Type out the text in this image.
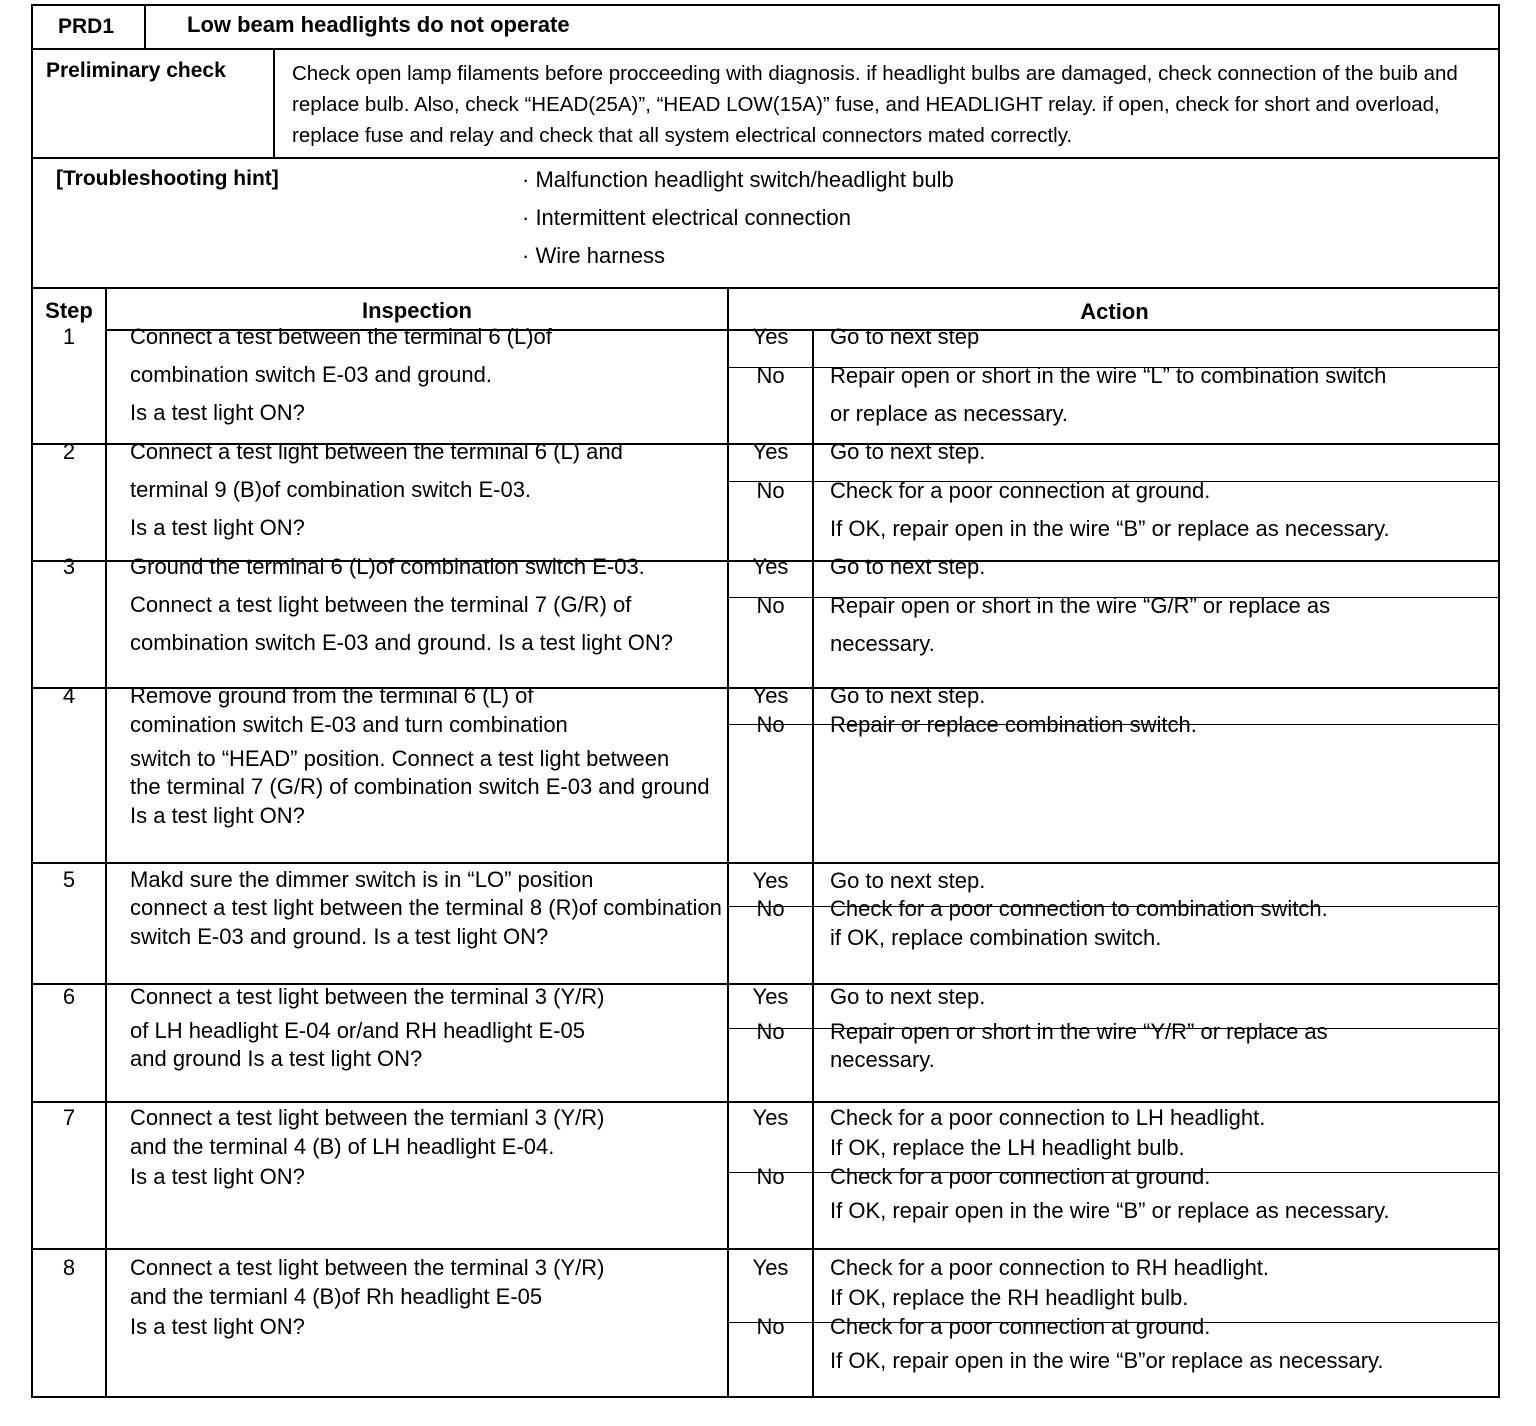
PRD1	Low beam headlights do not operate
Preliminary check	Check open lamp filaments before procceeding with diagnosis. if headlight bulbs are damaged, check connection of the buib and replace bulb. Also, check “HEAD(25A)”, “HEAD LOW(15A)” fuse, and HEADLIGHT relay. if open, check for short and overload, replace fuse and relay and check that all system electrical connectors mated correctly.
[Troubleshooting hint]	· Malfunction headlight switch/headlight bulb
· Intermittent electrical connection
· Wire harness
Step	Inspection	Action
1	Connect a test between the terminal 6 (L)of
combination switch E-03 and ground.
Is a test light ON?
Yes	Go to next step
No	Repair open or short in the wire “L” to combination switch
or replace as necessary.
2	Connect a test light between the terminal 6 (L) and
terminal 9 (B)of combination switch E-03.
Is a test light ON?
Yes	Go to next step.
No	Check for a poor connection at ground.
If OK, repair open in the wire “B” or replace as necessary.
3	Ground the terminal 6 (L)of combination switch E-03.
Connect a test light between the terminal 7 (G/R) of
combination switch E-03 and ground. Is a test light ON?
Yes	Go to next step.
No	Repair open or short in the wire “G/R” or replace as
necessary.
4	Remove ground from the terminal 6 (L) of
comination switch E-03 and turn combination
switch to “HEAD” position. Connect a test light between
the terminal 7 (G/R) of combination switch E-03 and ground
Is a test light ON?
Yes	Go to next step.
No	Repair or replace combination switch.
5	Makd sure the dimmer switch is in “LO” position
connect a test light between the terminal 8 (R)of combination
switch E-03 and ground. Is a test light ON?
Yes	Go to next step.
No	Check for a poor connection to combination switch.
if OK, replace combination switch.
6	Connect a test light between the terminal 3 (Y/R)
of LH headlight E-04 or/and RH headlight E-05
and ground Is a test light ON?
Yes	Go to next step.
No	Repair open or short in the wire “Y/R” or replace as
necessary.
7	Connect a test light between the termianl 3 (Y/R)
and the terminal 4 (B) of LH headlight E-04.
Is a test light ON?
Yes	Check for a poor connection to LH headlight.
If OK, replace the LH headlight bulb.
No	Check for a poor connection at ground.
If OK, repair open in the wire “B” or replace as necessary.
8	Connect a test light between the terminal 3 (Y/R)
and the termianl 4 (B)of Rh headlight E-05
Is a test light ON?
Yes	Check for a poor connection to RH headlight.
If OK, replace the RH headlight bulb.
No	Check for a poor connection at ground.
If OK, repair open in the wire “B”or replace as necessary.
